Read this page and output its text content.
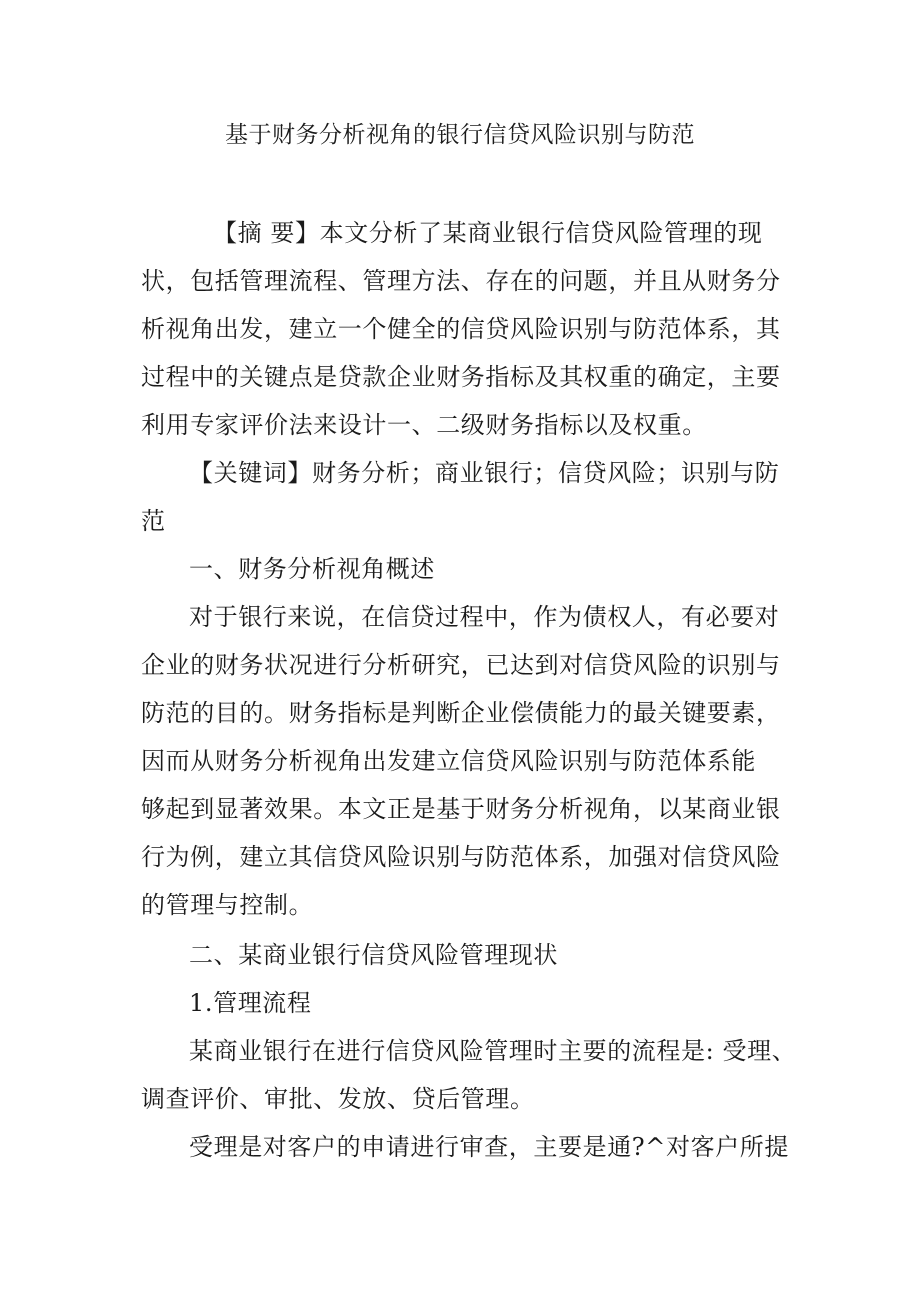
基于财务分析视角的银行信贷风险识别与防范
【摘 要】本文分析了某商业银行信贷风险管理的现
状，包括管理流程、管理方法、存在的问题，并且从财务分
析视角出发，建立一个健全的信贷风险识别与防范体系，其
过程中的关键点是贷款企业财务指标及其权重的确定，主要
利用专家评价法来设计一、二级财务指标以及权重。
【关键词】财务分析；商业银行；信贷风险；识别与防
范
一、财务分析视角概述
对于银行来说，在信贷过程中，作为债权人，有必要对
企业的财务状况进行分析研究，已达到对信贷风险的识别与
防范的目的。财务指标是判断企业偿债能力的最关键要素，
因而从财务分析视角出发建立信贷风险识别与防范体系能
够起到显著效果。本文正是基于财务分析视角，以某商业银
行为例，建立其信贷风险识别与防范体系，加强对信贷风险
的管理与控制。
二、某商业银行信贷风险管理现状
1.管理流程
某商业银行在进行信贷风险管理时主要的流程是: 受理、
调查评价、审批、发放、贷后管理。
受理是对客户的申请进行审查，主要是通?^对客户所提
